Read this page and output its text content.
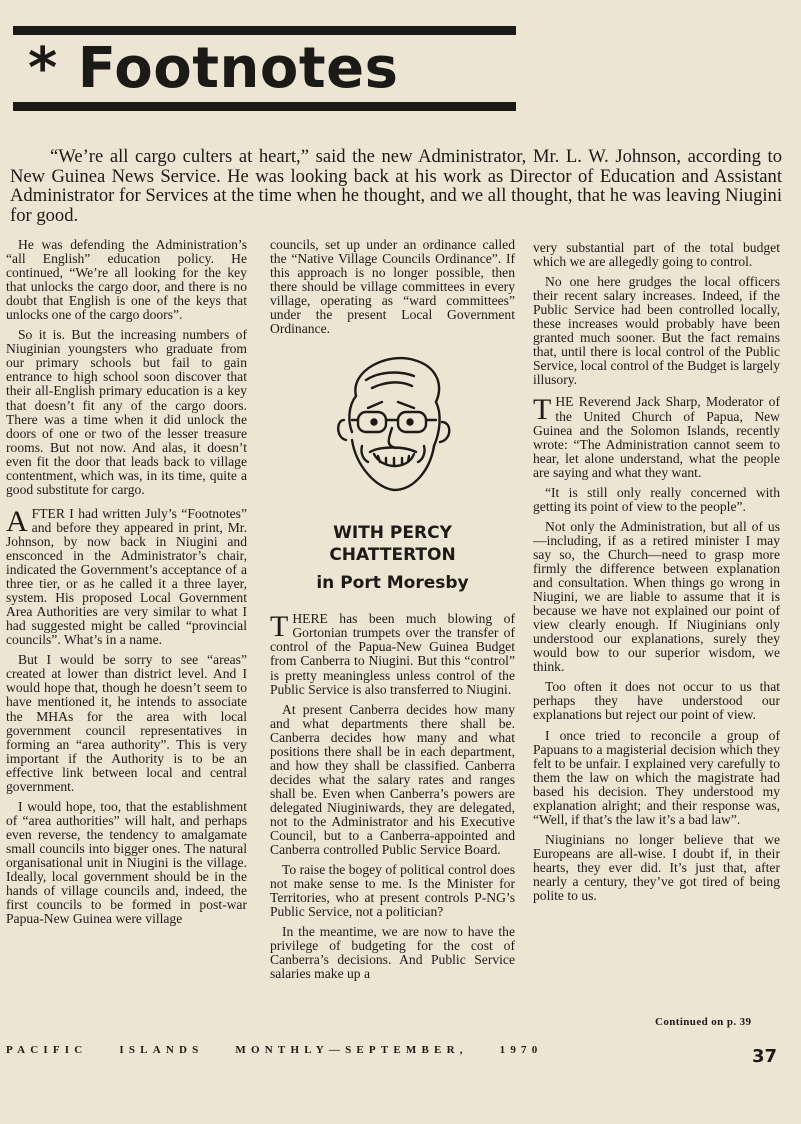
* Footnotes

“We’re all cargo culters at heart,” said the new Administrator, Mr. L. W. Johnson, according to New Guinea News Service. He was looking back at his work as Director of Education and Assistant Administrator for Services at the time when he thought, and we all thought, that he was leaving Niugini for good.

He was defending the Administration’s “all English” education policy. He continued, “We’re all looking for the key that unlocks the cargo door, and there is no doubt that English is one of the keys that unlocks one of the cargo doors”.

So it is. But the increasing numbers of Niuginian youngsters who graduate from our primary schools but fail to gain entrance to high school soon discover that their all-English primary education is a key that doesn’t fit any of the cargo doors. There was a time when it did unlock the doors of one or two of the lesser treasure rooms. But not now. And alas, it doesn’t even fit the door that leads back to village contentment, which was, in its time, quite a good substitute for cargo.

AFTER I had written July’s “Footnotes” and before they appeared in print, Mr. Johnson, by now back in Niugini and ensconced in the Administrator’s chair, indicated the Government’s acceptance of a three tier, or as he called it a three layer, system. His proposed Local Government Area Authorities are very similar to what I had suggested might be called “provincial councils”. What’s in a name.

But I would be sorry to see “areas” created at lower than district level. And I would hope that, though he doesn’t seem to have mentioned it, he intends to associate the MHAs for the area with local government council representatives in forming an “area authority”. This is very important if the Authority is to be an effective link between local and central government.

I would hope, too, that the establishment of “area authorities” will halt, and perhaps even reverse, the tendency to amalgamate small councils into bigger ones. The natural organisational unit in Niugini is the village. Ideally, local government should be in the hands of village councils and, indeed, the first councils to be formed in post-war Papua-New Guinea were village

councils, set up under an ordinance called the “Native Village Councils Ordinance”. If this approach is no longer possible, then there should be village committees in every village, operating as “ward committees” under the present Local Government Ordinance.

WITH PERCY CHATTERTON
in Port Moresby

THERE has been much blowing of Gortonian trumpets over the transfer of control of the Papua-New Guinea Budget from Canberra to Niugini. But this “control” is pretty meaningless unless control of the Public Service is also transferred to Niugini.

At present Canberra decides how many and what departments there shall be. Canberra decides how many and what positions there shall be in each department, and how they shall be classified. Canberra decides what the salary rates and ranges shall be. Even when Canberra’s powers are delegated Niuginiwards, they are delegated, not to the Administrator and his Executive Council, but to a Canberra-appointed and Canberra controlled Public Service Board.

To raise the bogey of political control does not make sense to me. Is the Minister for Territories, who at present controls P-NG’s Public Service, not a politician?

In the meantime, we are now to have the privilege of budgeting for the cost of Canberra’s decisions. And Public Service salaries make up a

very substantial part of the total budget which we are allegedly going to control.

No one here grudges the local officers their recent salary increases. Indeed, if the Public Service had been controlled locally, these increases would probably have been granted much sooner. But the fact remains that, until there is local control of the Public Service, local control of the Budget is largely illusory.

THE Reverend Jack Sharp, Moderator of the United Church of Papua, New Guinea and the Solomon Islands, recently wrote: “The Administration cannot seem to hear, let alone understand, what the people are saying and what they want.

“It is still only really concerned with getting its point of view to the people”.

Not only the Administration, but all of us—including, if as a retired minister I may say so, the Church—need to grasp more firmly the difference between explanation and consultation. When things go wrong in Niugini, we are liable to assume that it is because we have not explained our point of view clearly enough. If Niuginians only understood our explanations, surely they would bow to our superior wisdom, we think.

Too often it does not occur to us that perhaps they have understood our explanations but reject our point of view.

I once tried to reconcile a group of Papuans to a magisterial decision which they felt to be unfair. I explained very carefully to them the law on which the magistrate had based his decision. They understood my explanation alright; and their response was, “Well, if that’s the law it’s a bad law”.

Niuginians no longer believe that we Europeans are all-wise. I doubt if, in their hearts, they ever did. It’s just that, after nearly a century, they’ve got tired of being polite to us.

Continued on p. 39
PACIFIC	ISLANDS	MONTHLY—SEPTEMBER,	1970	37
